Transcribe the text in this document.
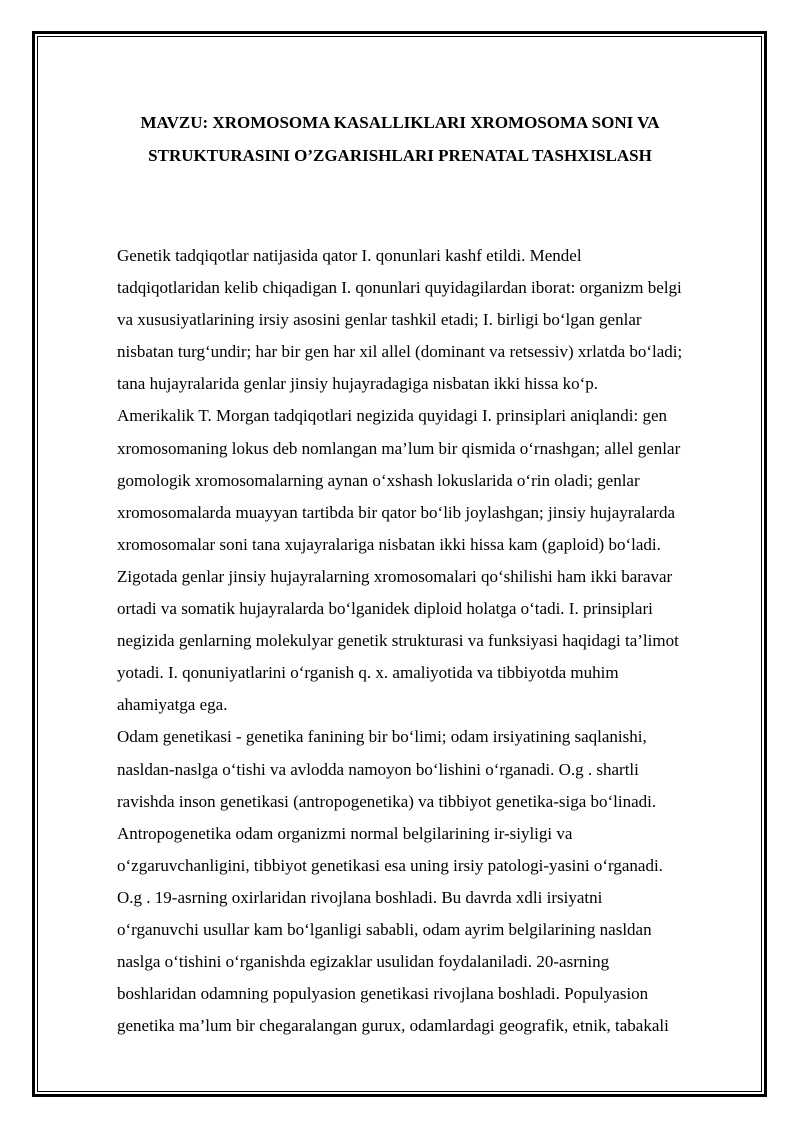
MAVZU: XROMOSOMA KASALLIKLARI XROMOSOMA SONI VA
STRUKTURASINI O’ZGARISHLARI PRENATAL TASHXISLASH
Genetik tadqiqotlar natijasida qator I. qonunlari kashf etildi. Mendel
tadqiqotlaridan kelib chiqadigan I. qonunlari quyidagilardan iborat: organizm belgi
va xususiyatlarining irsiy asosini genlar tashkil etadi; I. birligi bo‘lgan genlar
nisbatan turg‘undir; har bir gen har xil allel (dominant va retsessiv) xrlatda bo‘ladi;
tana hujayralarida genlar jinsiy hujayradagiga nisbatan ikki hissa ko‘p.
Amerikalik T. Morgan tadqiqotlari negizida quyidagi I. prinsiplari aniqlandi: gen
xromosomaning lokus deb nomlangan ma’lum bir qismida o‘rnashgan; allel genlar
gomologik xromosomalarning aynan o‘xshash lokuslarida o‘rin oladi; genlar
xromosomalarda muayyan tartibda bir qator bo‘lib joylashgan; jinsiy hujayralarda
xromosomalar soni tana xujayralariga nisbatan ikki hissa kam (gaploid) bo‘ladi.
Zigotada genlar jinsiy hujayralarning xromosomalari qo‘shilishi ham ikki baravar
ortadi va somatik hujayralarda bo‘lganidek diploid holatga o‘tadi. I. prinsiplari
negizida genlarning molekulyar genetik strukturasi va funksiyasi haqidagi ta’limot
yotadi. I. qonuniyatlarini o‘rganish q. x. amaliyotida va tibbiyotda muhim
ahamiyatga ega.
Odam genetikasi - genetika fanining bir bo‘limi; odam irsiyatining saqlanishi,
nasldan-naslga o‘tishi va avlodda namoyon bo‘lishini o‘rganadi. O.g . shartli
ravishda inson genetikasi (antropogenetika) va tibbiyot genetika-siga bo‘linadi.
Antropogenetika odam organizmi normal belgilarining ir-siyligi va
o‘zgaruvchanligini, tibbiyot genetikasi esa uning irsiy patologi-yasini o‘rganadi.
O.g . 19-asrning oxirlaridan rivojlana boshladi. Bu davrda xdli irsiyatni
o‘rganuvchi usullar kam bo‘lganligi sababli, odam ayrim belgilarining nasldan
naslga o‘tishini o‘rganishda egizaklar usulidan foydalaniladi. 20-asrning
boshlaridan odamning populyasion genetikasi rivojlana boshladi. Populyasion
genetika ma’lum bir chegaralangan gurux, odamlardagi geografik, etnik, tabakali
